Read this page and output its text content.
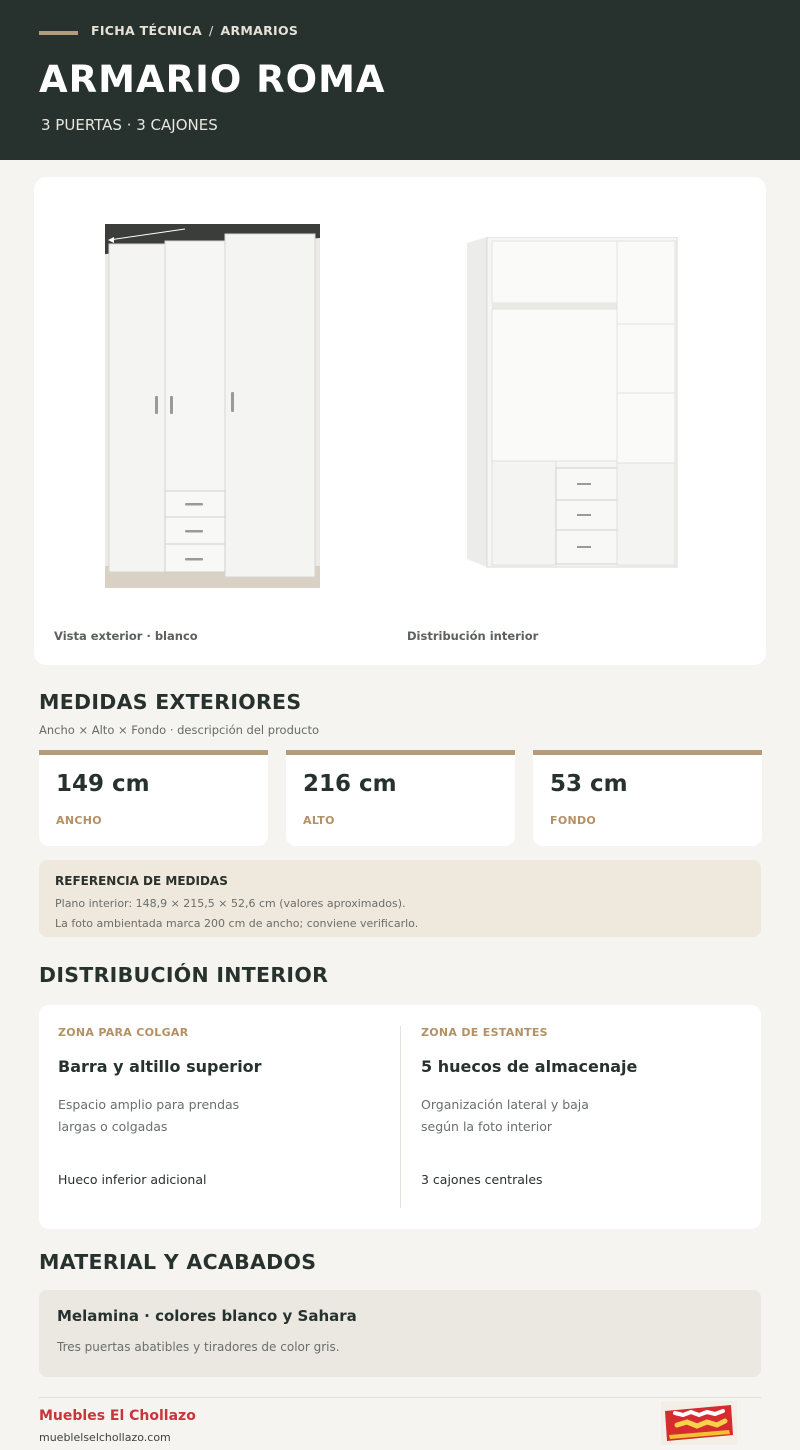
FICHA TÉCNICA / ARMARIOS
ARMARIO ROMA
3 PUERTAS · 3 CAJONES
Vista exterior · blanco	Distribución interior
MEDIDAS EXTERIORES
Ancho × Alto × Fondo · descripción del producto
149 cm
ANCHO
216 cm
ALTO
53 cm
FONDO
REFERENCIA DE MEDIDAS
Plano interior: 148,9 × 215,5 × 52,6 cm (valores aproximados).
La foto ambientada marca 200 cm de ancho; conviene verificarlo.
DISTRIBUCIÓN INTERIOR
ZONA PARA COLGAR
Barra y altillo superior
Espacio amplio para prendas
largas o colgadas
Hueco inferior adicional
ZONA DE ESTANTES
5 huecos de almacenaje
Organización lateral y baja
según la foto interior
3 cajones centrales
MATERIAL Y ACABADOS
Melamina · colores blanco y Sahara
Tres puertas abatibles y tiradores de color gris.
Muebles El Chollazo
mueblelselchollazo.com
